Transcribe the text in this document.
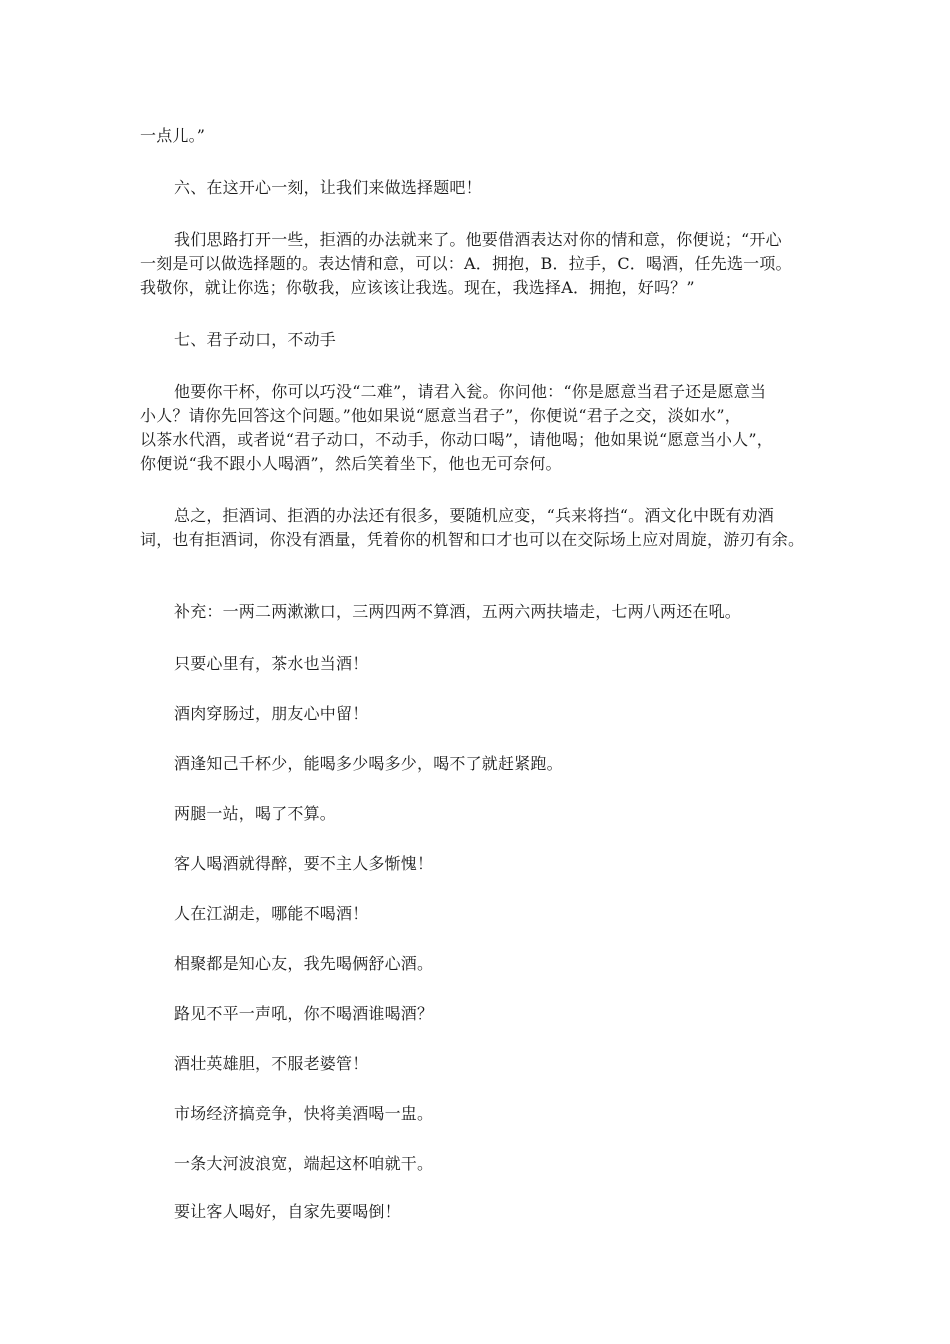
一点儿。”
六、在这开心一刻，让我们来做选择题吧！
我们思路打开一些，拒酒的办法就来了。他要借酒表达对你的情和意，你便说；“开心
一刻是可以做选择题的。表达情和意，可以：A．拥抱，B．拉手，C．喝酒，任先选一项。
我敬你，就让你选；你敬我，应该该让我选。现在，我选择A．拥抱，好吗？”
七、君子动口，不动手
他要你干杯，你可以巧没“二难”，请君入瓮。你问他：“你是愿意当君子还是愿意当
小人？请你先回答这个问题。”他如果说“愿意当君子”，你便说“君子之交，淡如水”，
以茶水代酒，或者说“君子动口，不动手，你动口喝”，请他喝；他如果说“愿意当小人”，
你便说“我不跟小人喝酒”，然后笑着坐下，他也无可奈何。
总之，拒酒词、拒酒的办法还有很多，要随机应变，“兵来将挡“。酒文化中既有劝酒
词，也有拒酒词，你没有酒量，凭着你的机智和口才也可以在交际场上应对周旋，游刃有余。
补充：一两二两漱漱口，三两四两不算酒，五两六两扶墙走，七两八两还在吼。
只要心里有，茶水也当酒！
酒肉穿肠过，朋友心中留！
酒逢知己千杯少，能喝多少喝多少，喝不了就赶紧跑。
两腿一站，喝了不算。
客人喝酒就得醉，要不主人多惭愧！
人在江湖走，哪能不喝酒！
相聚都是知心友，我先喝俩舒心酒。
路见不平一声吼，你不喝酒谁喝酒？
酒壮英雄胆，不服老婆管！
市场经济搞竞争，快将美酒喝一盅。
一条大河波浪宽，端起这杯咱就干。
要让客人喝好，自家先要喝倒！
